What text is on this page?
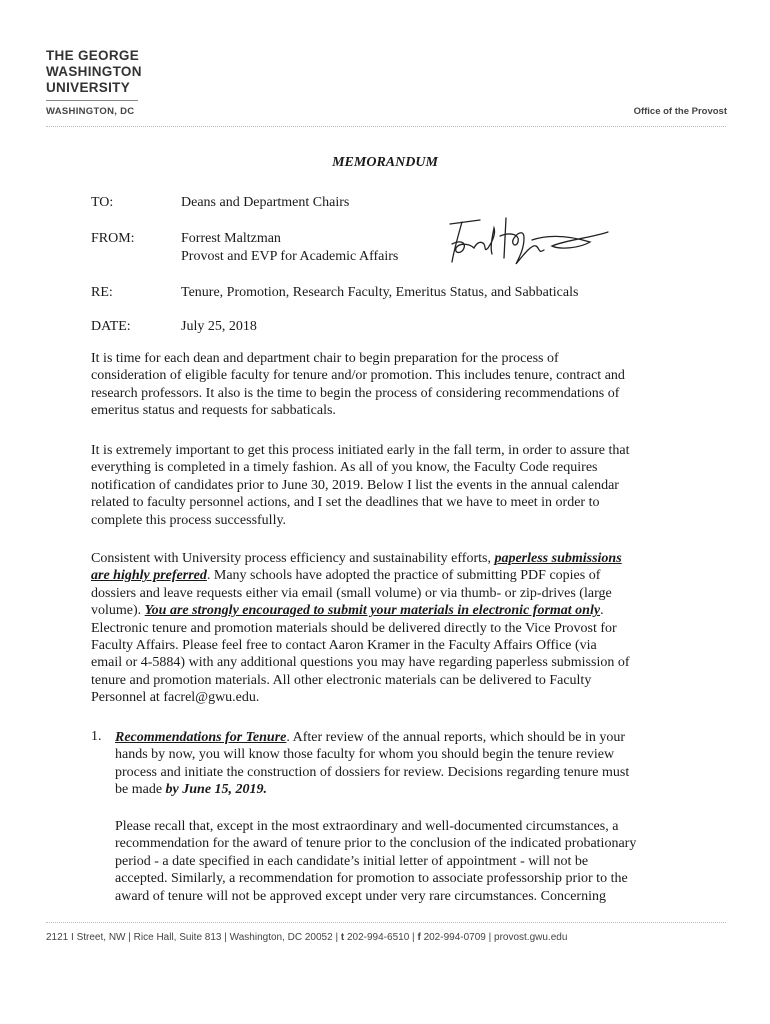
THE GEORGE
WASHINGTON
UNIVERSITY
WASHINGTON, DC	Office of the Provost
MEMORANDUM
TO:	Deans and Department Chairs
FROM:	Forrest Maltzman
Provost and EVP for Academic Affairs
RE:	Tenure, Promotion, Research Faculty, Emeritus Status, and Sabbaticals
DATE:	July 25, 2018
It is time for each dean and department chair to begin preparation for the process of
consideration of eligible faculty for tenure and/or promotion. This includes tenure, contract and
research professors. It also is the time to begin the process of considering recommendations of
emeritus status and requests for sabbaticals.
It is extremely important to get this process initiated early in the fall term, in order to assure that
everything is completed in a timely fashion. As all of you know, the Faculty Code requires
notification of candidates prior to June 30, 2019. Below I list the events in the annual calendar
related to faculty personnel actions, and I set the deadlines that we have to meet in order to
complete this process successfully.
Consistent with University process efficiency and sustainability efforts, paperless submissions
are highly preferred. Many schools have adopted the practice of submitting PDF copies of
dossiers and leave requests either via email (small volume) or via thumb- or zip-drives (large
volume). You are strongly encouraged to submit your materials in electronic format only.
Electronic tenure and promotion materials should be delivered directly to the Vice Provost for
Faculty Affairs. Please feel free to contact Aaron Kramer in the Faculty Affairs Office (via
email or 4-5884) with any additional questions you may have regarding paperless submission of
tenure and promotion materials. All other electronic materials can be delivered to Faculty
Personnel at facrel@gwu.edu.
1. Recommendations for Tenure. After review of the annual reports, which should be in your
hands by now, you will know those faculty for whom you should begin the tenure review
process and initiate the construction of dossiers for review. Decisions regarding tenure must
be made by June 15, 2019.
Please recall that, except in the most extraordinary and well-documented circumstances, a
recommendation for the award of tenure prior to the conclusion of the indicated probationary
period - a date specified in each candidate’s initial letter of appointment - will not be
accepted. Similarly, a recommendation for promotion to associate professorship prior to the
award of tenure will not be approved except under very rare circumstances. Concerning
2121 I Street, NW | Rice Hall, Suite 813 | Washington, DC 20052 | t 202-994-6510 | f 202-994-0709 | provost.gwu.edu
